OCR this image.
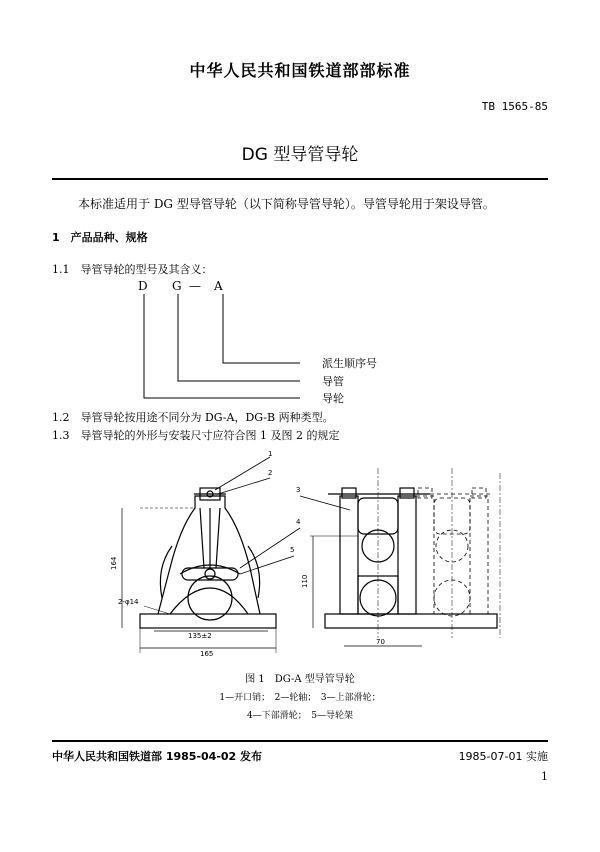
中华人民共和国铁道部部标准
TB 1565-85
DG 型导管导轮
本标准适用于 DG 型导管导轮（以下简称导管导轮）。导管导轮用于架设导管。
1　产品品种、规格
1.1　导管导轮的型号及其含义：
D G — A
派生顺序号
导管
导轮
1.2　导管导轮按用途不同分为 DG-A，DG-B 两种类型。
1.3　导管导轮的外形与安装尺寸应符合图 1 及图 2 的规定
1
2
3
4
5
164
2-φ14
135±2
165
110
70
图 1　DG-A 型导管导轮
1—开口销；　2—轮轴；　3—上部滑轮；
4—下部滑轮；　5—导轮架
中华人民共和国铁道部 1985-04-02 发布	1985-07-01 实施
1
